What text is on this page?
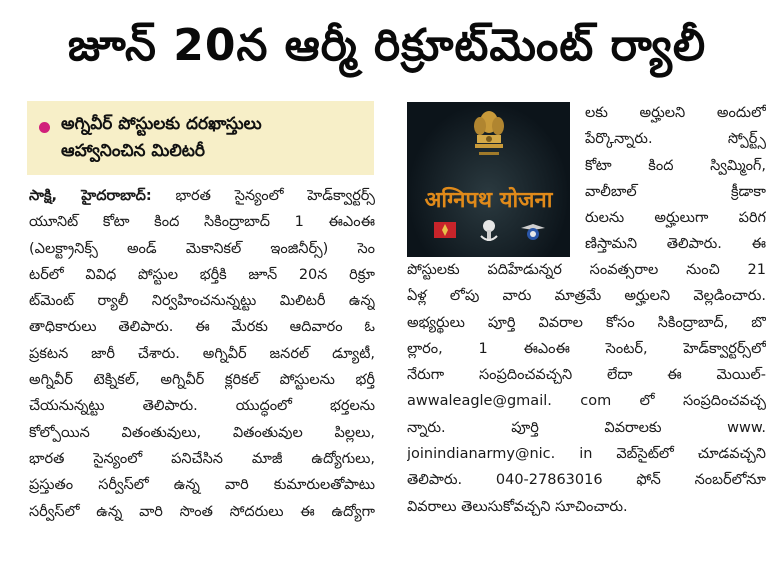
జూన్ 20న ఆర్మీ రిక్రూట్‌మెంట్ ర్యాలీ
అగ్నివీర్ పోస్టులకు దరఖాస్తులు
ఆహ్వానించిన మిలిటరీ
अग्निपथ योजना
సాక్షి, హైదరాబాద్: భారత సైన్యంలో హెడ్‌క్వార్టర్స్
యూనిట్ కోటా కింద సికింద్రాబాద్ 1 ఈఎంఈ
(ఎలక్ట్రానిక్స్ అండ్ మెకానికల్ ఇంజినీర్స్) సెం
టర్‌లో వివిధ పోస్టుల భర్తీకి జూన్ 20న రిక్రూ
ట్‌మెంట్ ర్యాలీ నిర్వహించనున్నట్టు మిలిటరీ ఉన్న
తాధికారులు తెలిపారు. ఈ మేరకు ఆదివారం ఓ
ప్రకటన జారీ చేశారు. అగ్నివీర్ జనరల్ డ్యూటీ,
అగ్నివీర్ టెక్నికల్, అగ్నివీర్ క్లరికల్ పోస్టులను భర్తీ
చేయనున్నట్టు తెలిపారు. యుద్ధంలో భర్తలను
కోల్పోయిన వితంతువులు, వితంతువుల పిల్లలు,
భారత సైన్యంలో పనిచేసిన మాజీ ఉద్యోగులు,
ప్రస్తుతం సర్వీస్‌లో ఉన్న వారి కుమారులతోపాటు
సర్వీస్‌లో ఉన్న వారి సొంత సోదరులు ఈ ఉద్యోగా
లకు అర్హులని అందులో
పేర్కొన్నారు. స్పోర్ట్స్
కోటా కింద స్విమ్మింగ్,
వాలీబాల్ క్రీడాకా
రులను అర్హులుగా పరిగ
ణిస్తామని తెలిపారు. ఈ
పోస్టులకు పదిహేడున్నర సంవత్సరాల నుంచి 21
ఏళ్ల లోపు వారు మాత్రమే అర్హులని వెల్లడించారు.
అభ్యర్థులు పూర్తి వివరాల కోసం సికింద్రాబాద్, బొ
ల్లారం, 1 ఈఎంఈ సెంటర్, హెడ్‌క్వార్టర్స్‌లో
నేరుగా సంప్రదించవచ్చని లేదా ఈ మెయిల్-
awwaleagle@gmail. com లో సంప్రదించవచ్చ
న్నారు. పూర్తి వివరాలకు www.
joinindianarmy@nic. in వెబ్‌సైట్‌లో చూడవచ్చని
తెలిపారు. 040-27863016 ఫోన్ నంబర్‌లోనూ
వివరాలు తెలుసుకోవచ్చని సూచించారు.
